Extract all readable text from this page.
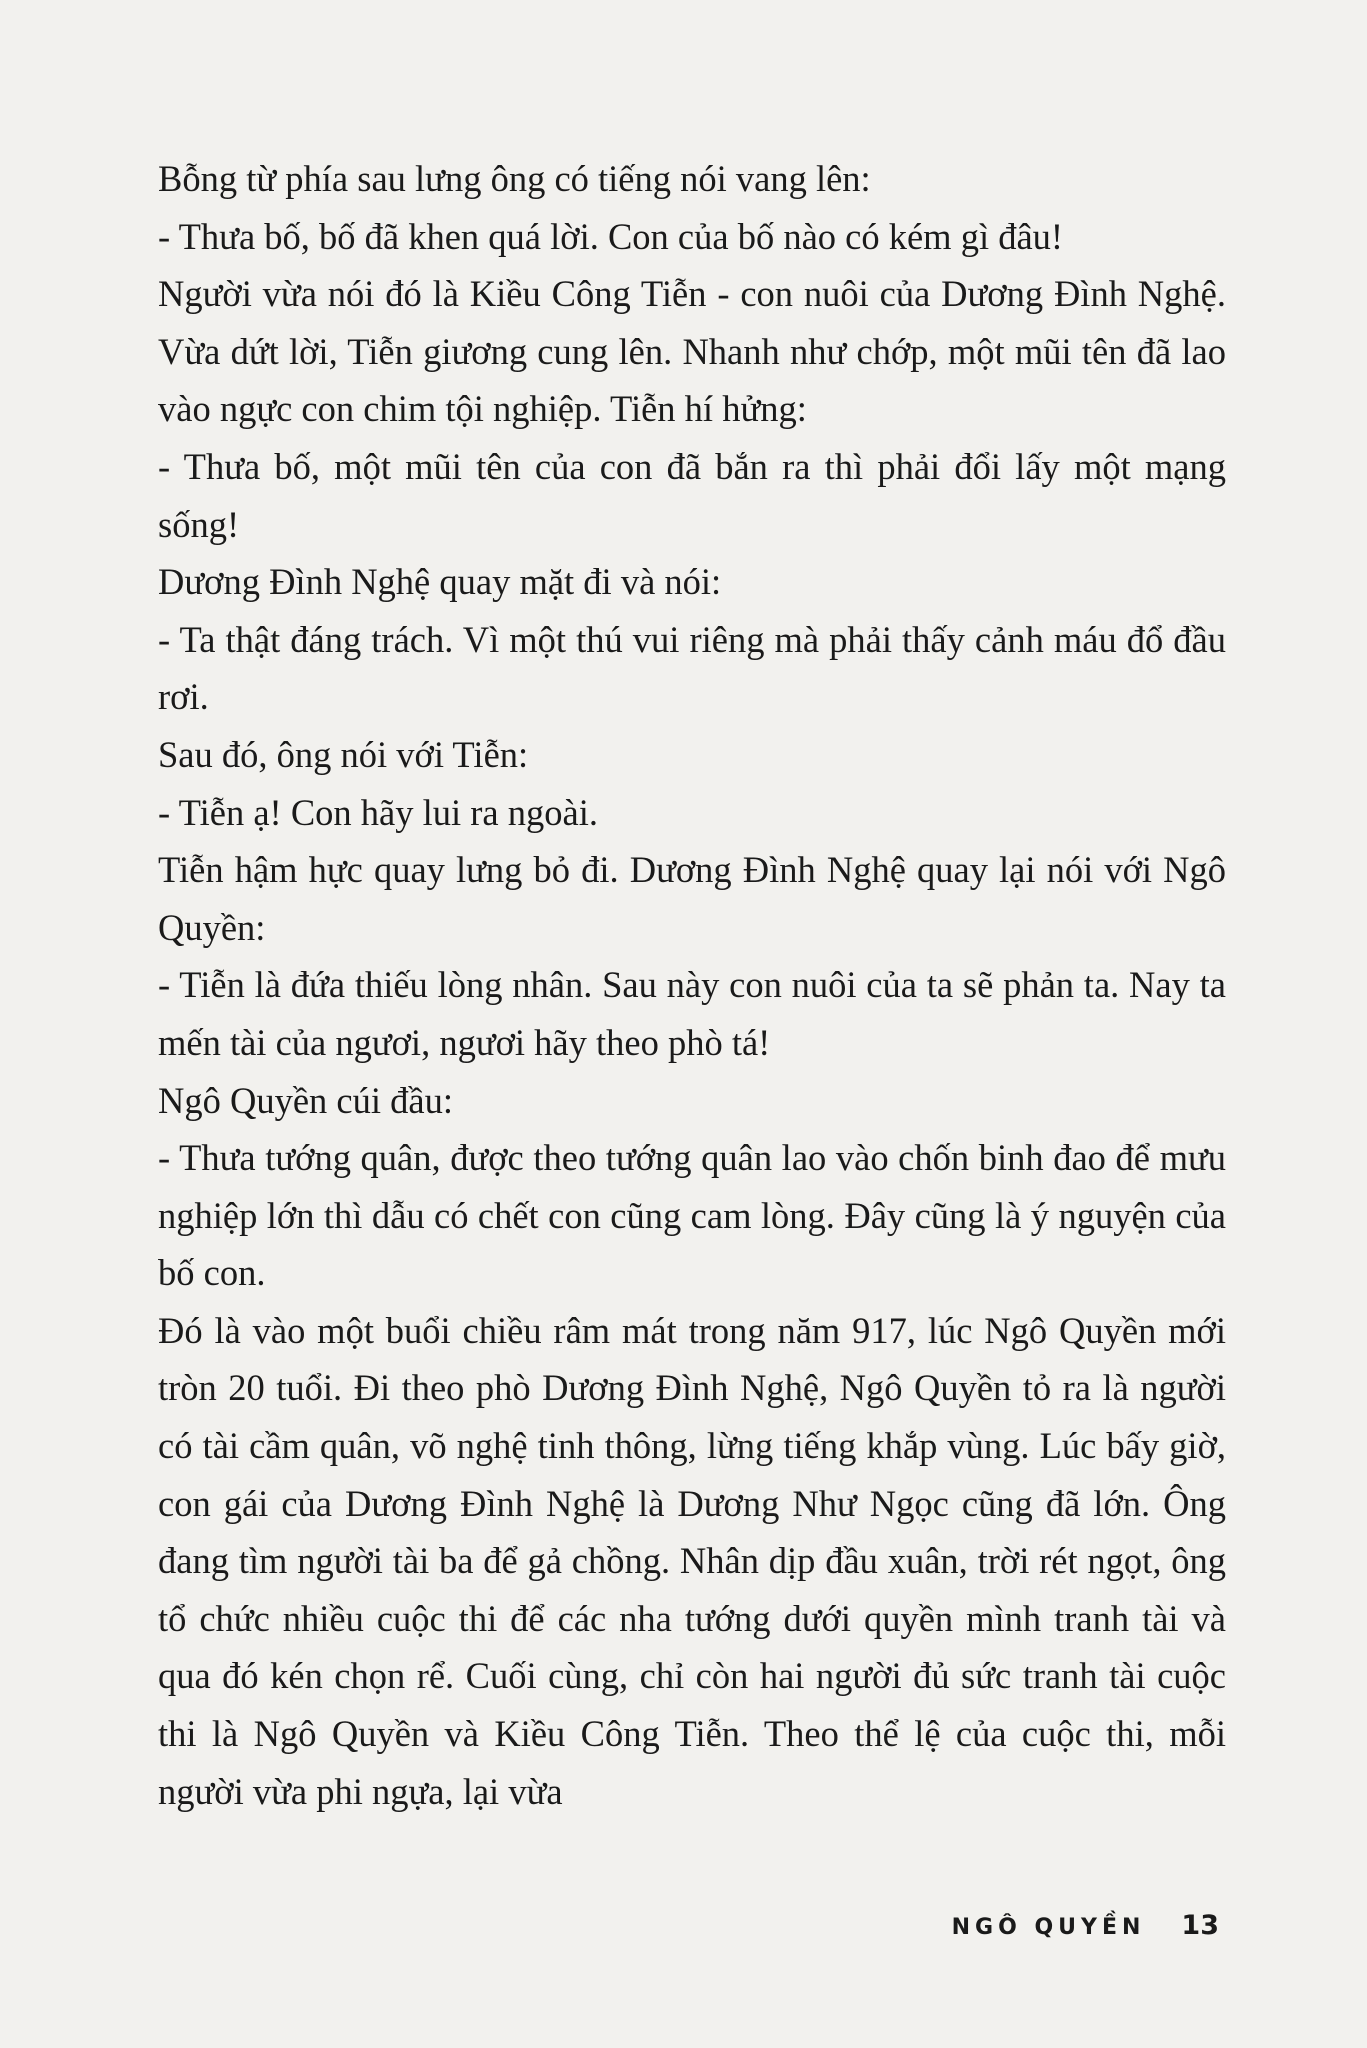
Bỗng từ phía sau lưng ông có tiếng nói vang lên:

- Thưa bố, bố đã khen quá lời. Con của bố nào có kém gì đâu!

Người vừa nói đó là Kiều Công Tiễn - con nuôi của Dương Đình Nghệ. Vừa dứt lời, Tiễn giương cung lên. Nhanh như chớp, một mũi tên đã lao vào ngực con chim tội nghiệp. Tiễn hí hửng:

- Thưa bố, một mũi tên của con đã bắn ra thì phải đổi lấy một mạng sống!

Dương Đình Nghệ quay mặt đi và nói:

- Ta thật đáng trách. Vì một thú vui riêng mà phải thấy cảnh máu đổ đầu rơi.

Sau đó, ông nói với Tiễn:

- Tiễn ạ! Con hãy lui ra ngoài.

Tiễn hậm hực quay lưng bỏ đi. Dương Đình Nghệ quay lại nói với Ngô Quyền:

- Tiễn là đứa thiếu lòng nhân. Sau này con nuôi của ta sẽ phản ta. Nay ta mến tài của ngươi, ngươi hãy theo phò tá!

Ngô Quyền cúi đầu:

- Thưa tướng quân, được theo tướng quân lao vào chốn binh đao để mưu nghiệp lớn thì dẫu có chết con cũng cam lòng. Đây cũng là ý nguyện của bố con.

Đó là vào một buổi chiều râm mát trong năm 917, lúc Ngô Quyền mới tròn 20 tuổi. Đi theo phò Dương Đình Nghệ, Ngô Quyền tỏ ra là người có tài cầm quân, võ nghệ tinh thông, lừng tiếng khắp vùng. Lúc bấy giờ, con gái của Dương Đình Nghệ là Dương Như Ngọc cũng đã lớn. Ông đang tìm người tài ba để gả chồng. Nhân dịp đầu xuân, trời rét ngọt, ông tổ chức nhiều cuộc thi để các nha tướng dưới quyền mình tranh tài và qua đó kén chọn rể. Cuối cùng, chỉ còn hai người đủ sức tranh tài cuộc thi là Ngô Quyền và Kiều Công Tiễn. Theo thể lệ của cuộc thi, mỗi người vừa phi ngựa, lại vừa

NGÔ QUYỀN 13
